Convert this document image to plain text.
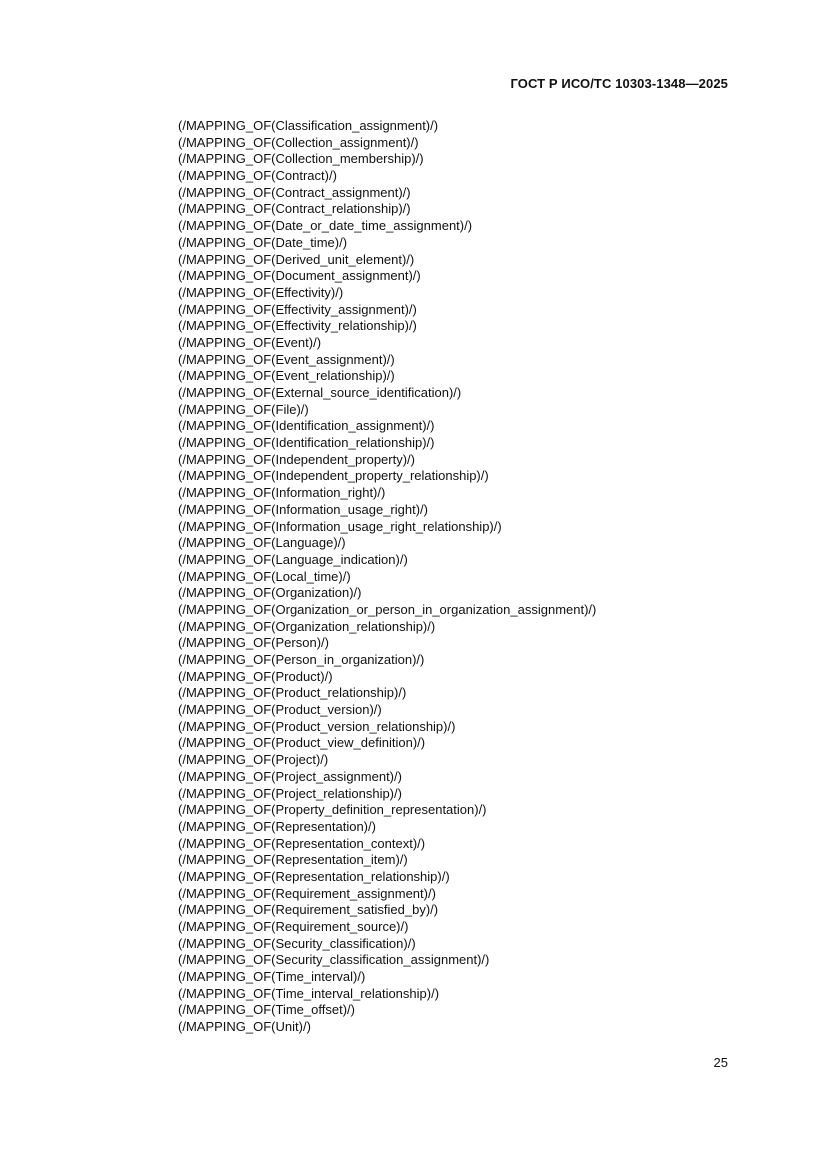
ГОСТ Р ИСО/ТС 10303-1348—2025
(/MAPPING_OF(Classification_assignment)/)
(/MAPPING_OF(Collection_assignment)/)
(/MAPPING_OF(Collection_membership)/)
(/MAPPING_OF(Contract)/)
(/MAPPING_OF(Contract_assignment)/)
(/MAPPING_OF(Contract_relationship)/)
(/MAPPING_OF(Date_or_date_time_assignment)/)
(/MAPPING_OF(Date_time)/)
(/MAPPING_OF(Derived_unit_element)/)
(/MAPPING_OF(Document_assignment)/)
(/MAPPING_OF(Effectivity)/)
(/MAPPING_OF(Effectivity_assignment)/)
(/MAPPING_OF(Effectivity_relationship)/)
(/MAPPING_OF(Event)/)
(/MAPPING_OF(Event_assignment)/)
(/MAPPING_OF(Event_relationship)/)
(/MAPPING_OF(External_source_identification)/)
(/MAPPING_OF(File)/)
(/MAPPING_OF(Identification_assignment)/)
(/MAPPING_OF(Identification_relationship)/)
(/MAPPING_OF(Independent_property)/)
(/MAPPING_OF(Independent_property_relationship)/)
(/MAPPING_OF(Information_right)/)
(/MAPPING_OF(Information_usage_right)/)
(/MAPPING_OF(Information_usage_right_relationship)/)
(/MAPPING_OF(Language)/)
(/MAPPING_OF(Language_indication)/)
(/MAPPING_OF(Local_time)/)
(/MAPPING_OF(Organization)/)
(/MAPPING_OF(Organization_or_person_in_organization_assignment)/)
(/MAPPING_OF(Organization_relationship)/)
(/MAPPING_OF(Person)/)
(/MAPPING_OF(Person_in_organization)/)
(/MAPPING_OF(Product)/)
(/MAPPING_OF(Product_relationship)/)
(/MAPPING_OF(Product_version)/)
(/MAPPING_OF(Product_version_relationship)/)
(/MAPPING_OF(Product_view_definition)/)
(/MAPPING_OF(Project)/)
(/MAPPING_OF(Project_assignment)/)
(/MAPPING_OF(Project_relationship)/)
(/MAPPING_OF(Property_definition_representation)/)
(/MAPPING_OF(Representation)/)
(/MAPPING_OF(Representation_context)/)
(/MAPPING_OF(Representation_item)/)
(/MAPPING_OF(Representation_relationship)/)
(/MAPPING_OF(Requirement_assignment)/)
(/MAPPING_OF(Requirement_satisfied_by)/)
(/MAPPING_OF(Requirement_source)/)
(/MAPPING_OF(Security_classification)/)
(/MAPPING_OF(Security_classification_assignment)/)
(/MAPPING_OF(Time_interval)/)
(/MAPPING_OF(Time_interval_relationship)/)
(/MAPPING_OF(Time_offset)/)
(/MAPPING_OF(Unit)/)
25
